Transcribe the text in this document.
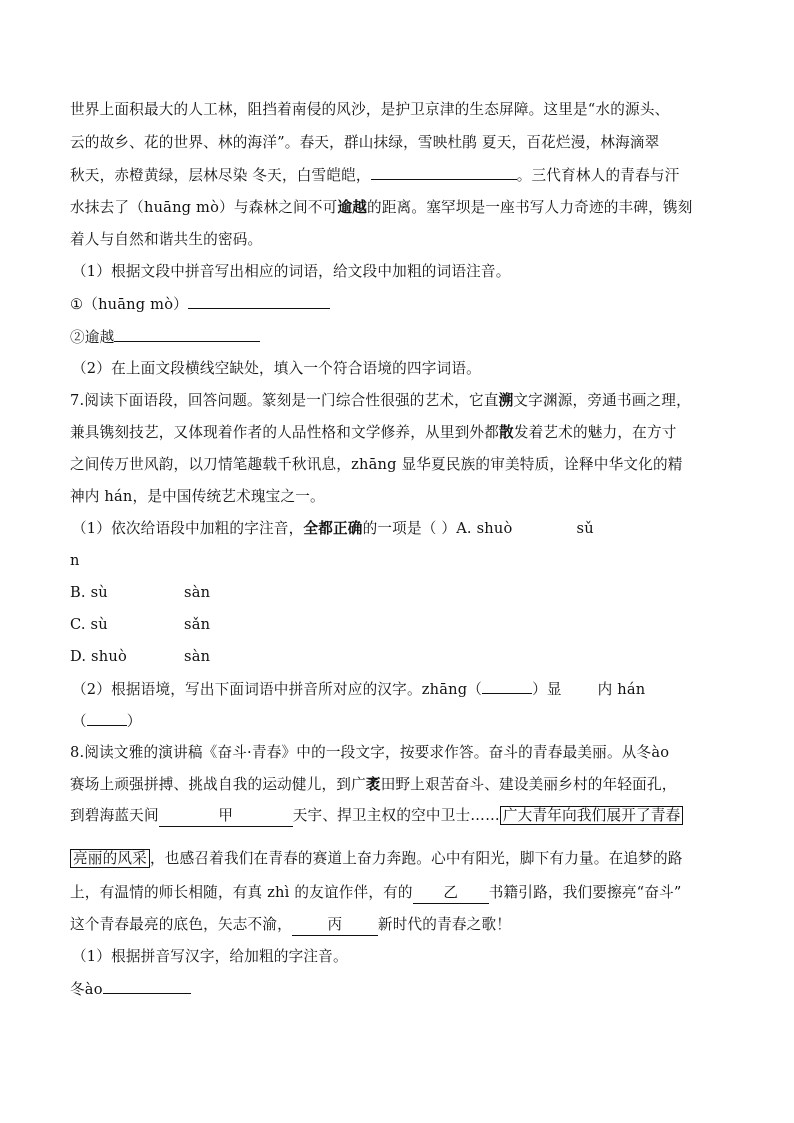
世界上面积最大的人工林，阻挡着南侵的风沙，是护卫京津的生态屏障。这里是“水的源头、
云的故乡、花的世界、林的海洋”。春天，群山抹绿，雪映杜鹃 夏天，百花烂漫，林海滴翠
秋天，赤橙黄绿，层林尽染 冬天，白雪皑皑，	。三代育林人的青春与汗
水抹去了（huāng mò）与森林之间不可逾越的距离。塞罕坝是一座书写人力奇迹的丰碑，镌刻
着人与自然和谐共生的密码。
（1）根据文段中拼音写出相应的词语，给文段中加粗的词语注音。
①（huāng mò）
②逾越
（2）在上面文段横线空缺处，填入一个符合语境的四字词语。
7.阅读下面语段，回答问题。篆刻是一门综合性很强的艺术，它直溯文字渊源，旁通书画之理，
兼具镌刻技艺，又体现着作者的人品性格和文学修养，从里到外都散发着艺术的魅力，在方寸
之间传万世风韵，以刀情笔趣载千秋讯息，zhāng 显华夏民族的审美特质，诠释中华文化的精
神内 hán，是中国传统艺术瑰宝之一。
（1）依次给语段中加粗的字注音，全都正确的一项是（ ）A. shuò	sǔ
n
B. sù	sàn
C. sù	sǎn
D. shuò	sàn
（2）根据语境，写出下面词语中拼音所对应的汉字。zhāng（	）显 内 hán
（	）
8.阅读文雅的演讲稿《奋斗·青春》中的一段文字，按要求作答。奋斗的青春最美丽。从冬ào
赛场上顽强拼搏、挑战自我的运动健儿，到广袤田野上艰苦奋斗、建设美丽乡村的年轻面孔，
到碧海蓝天间	甲	天宇、捍卫主权的空中卫士…… 广大青年向我们展开了青春
亮丽的风采 ，也感召着我们在青春的赛道上奋力奔跑。心中有阳光，脚下有力量。在追梦的路
上，有温情的师长相随，有真 zhì 的友谊作伴，有的 乙 书籍引路，我们要擦亮“奋斗”
这个青春最亮的底色，矢志不渝， 丙 新时代的青春之歌！
（1）根据拼音写汉字，给加粗的字注音。
冬ào
